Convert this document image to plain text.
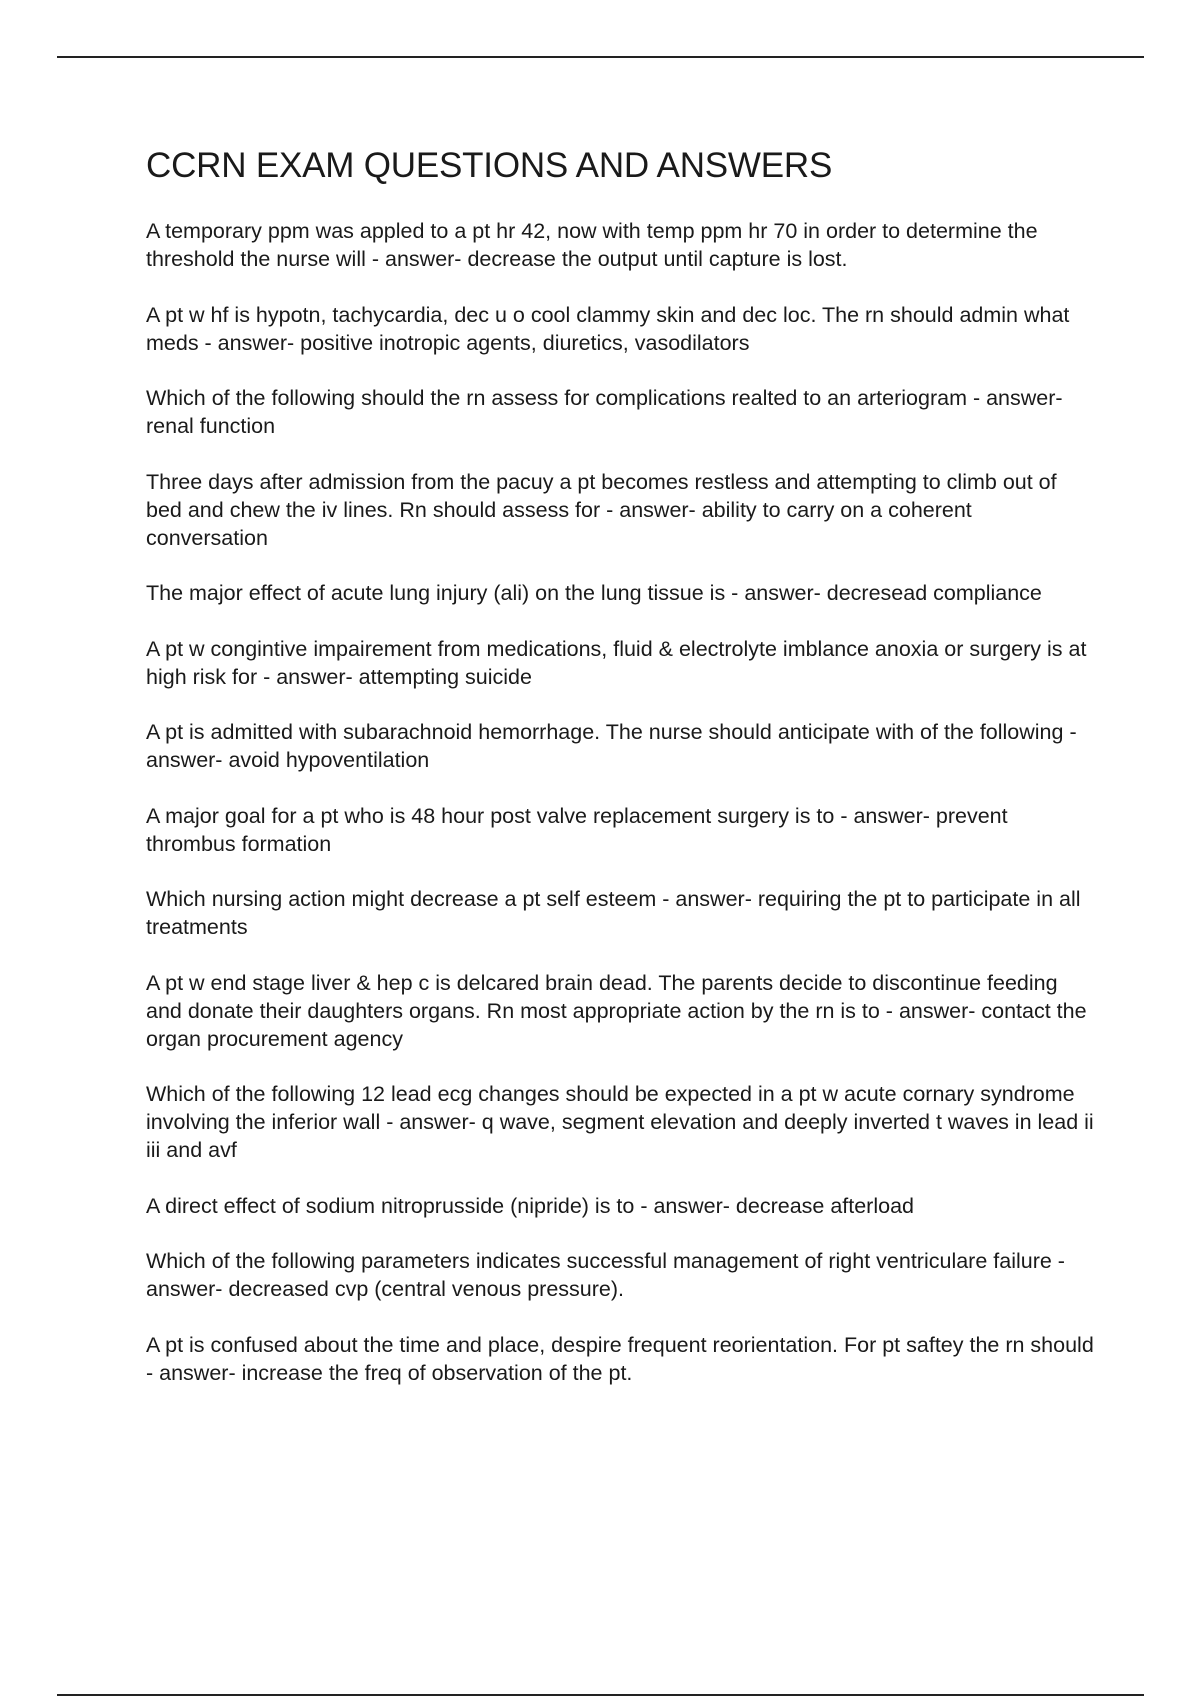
CCRN EXAM QUESTIONS AND ANSWERS
A temporary ppm was appled to a pt hr 42, now with temp ppm hr 70 in order to determine the threshold the nurse will - answer- decrease the output until capture is lost.
A pt w hf is hypotn, tachycardia, dec u o cool clammy skin and dec loc. The rn should admin what meds - answer- positive inotropic agents, diuretics, vasodilators
Which of the following should the rn assess for complications realted to an arteriogram - answer- renal function
Three days after admission from the pacuy a pt becomes restless and attempting to climb out of bed and chew the iv lines. Rn should assess for - answer- ability to carry on a coherent conversation
The major effect of acute lung injury (ali) on the lung tissue is - answer- decresead compliance
A pt w congintive impairement from medications, fluid & electrolyte imblance anoxia or surgery is at high risk for - answer- attempting suicide
A pt is admitted with subarachnoid hemorrhage. The nurse should anticipate with of the following - answer- avoid hypoventilation
A major goal for a pt who is 48 hour post valve replacement surgery is to - answer- prevent thrombus formation
Which nursing action might decrease a pt self esteem - answer- requiring the pt to participate in all treatments
A pt w end stage liver & hep c is delcared brain dead. The parents decide to discontinue feeding and donate their daughters organs. Rn most appropriate action by the rn is to - answer- contact the organ procurement agency
Which of the following 12 lead ecg changes should be expected in a pt w acute cornary syndrome involving the inferior wall - answer- q wave, segment elevation and deeply inverted t waves in lead ii iii and avf
A direct effect of sodium nitroprusside (nipride) is to - answer- decrease afterload
Which of the following parameters indicates successful management of right ventriculare failure - answer- decreased cvp (central venous pressure).
A pt is confused about the time and place, despire frequent reorientation. For pt saftey the rn should - answer- increase the freq of observation of the pt.
